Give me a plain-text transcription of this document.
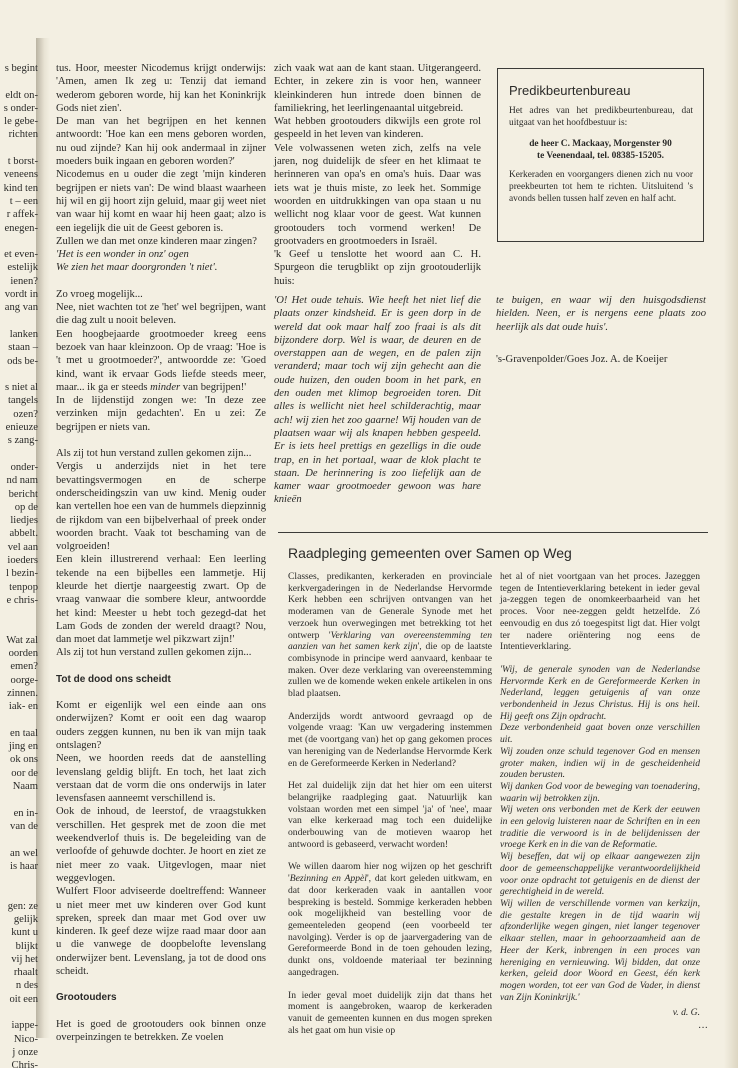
s begint

eldt on-
s onder-
le gebe-
richten

t borst-
veneens
kind ten
t – een
r affek-
enegen-

et even-
estelijk
ienen?
vordt in
ang van

lanken
staan –
ods be-

s niet al
tangels
ozen?
enieuze
s zang-

onder-
nd nam
bericht
op de
liedjes
abbelt.
vel aan
ioeders
l bezin-
tenpop
e chris-

Wat zal
oorden
emen?
oorge-
zinnen.
iak- en

en taal
jing en
ok ons
oor de
Naam

en in-
van de

an wel
is haar

gen: ze
gelijk
kunt u
blijkt
vij het
rhaalt
n des
oit een

iappe-
Nico-
j onze
Chris-

tus. Hoor, meester Nicodemus krijgt onderwijs: 'Amen, amen Ik zeg u: Tenzij dat iemand wederom geboren worde, hij kan het Koninkrijk Gods niet zien'.

De man van het begrijpen en het kennen antwoordt: 'Hoe kan een mens geboren worden, nu oud zijnde? Kan hij ook andermaal in zijner moeders buik ingaan en geboren worden?'

Nicodemus en u ouder die zegt 'mijn kinderen begrijpen er niets van': De wind blaast waarheen hij wil en gij hoort zijn geluid, maar gij weet niet van waar hij komt en waar hij heen gaat; alzo is een iegelijk die uit de Geest geboren is.

Zullen we dan met onze kinderen maar zingen?

'Het is een wonder in onz' ogen

We zien het maar doorgronden 't niet'.

Zo vroeg mogelijk...

Nee, niet wachten tot ze 'het' wel begrijpen, want die dag zult u nooit beleven.

Een hoogbejaarde grootmoeder kreeg eens bezoek van haar kleinzoon. Op de vraag: 'Hoe is 't met u grootmoeder?', antwoordde ze: 'Goed kind, want ik ervaar Gods liefde steeds meer, maar... ik ga er steeds minder van begrijpen!'

In de lijdenstijd zongen we: 'In deze zee verzinken mijn gedachten'. En u zei: Ze begrijpen er niets van.

Als zij tot hun verstand zullen gekomen zijn...

Vergis u anderzijds niet in het tere bevattingsvermogen en de scherpe onderscheidingszin van uw kind. Menig ouder kan vertellen hoe een van de hummels diepzinnig de rijkdom van een bijbelverhaal of preek onder woorden bracht. Vaak tot beschaming van de volgroeiden!

Een klein illustrerend verhaal: Een leerling tekende na een bijbelles een lammetje. Hij kleurde het diertje naargeestig zwart. Op de vraag vanwaar die sombere kleur, antwoordde het kind: Meester u hebt toch gezegd-dat het Lam Gods de zonden der wereld draagt? Nou, dan moet dat lammetje wel pikzwart zijn!'

Als zij tot hun verstand zullen gekomen zijn...

Tot de dood ons scheidt

Komt er eigenlijk wel een einde aan ons onderwijzen? Komt er ooit een dag waarop ouders zeggen kunnen, nu ben ik van mijn taak ontslagen?

Neen, we hoorden reeds dat de aanstelling levenslang geldig blijft. En toch, het laat zich verstaan dat de vorm die ons onderwijs in later levensfasen aanneemt verschillend is.

Ook de inhoud, de leerstof, de vraagstukken verschillen. Het gesprek met de zoon die met weekendverlof thuis is. De begeleiding van de verloofde of gehuwde dochter. Je hoort en ziet ze niet meer zo vaak. Uitgevlogen, maar niet weggevlogen.

Wulfert Floor adviseerde doeltreffend: Wanneer u niet meer met uw kinderen over God kunt spreken, spreek dan maar met God over uw kinderen. Ik geef deze wijze raad maar door aan u die vanwege de doopbelofte levenslang onderwijzer bent. Levenslang, ja tot de dood ons scheidt.

Grootouders

Het is goed de grootouders ook binnen onze overpeinzingen te betrekken. Ze voelen

zich vaak wat aan de kant staan. Uitgerangeerd. Echter, in zekere zin is voor hen, wanneer kleinkinderen hun intrede doen binnen de familiekring, het leerlingenaantal uitgebreid.

Wat hebben grootouders dikwijls een grote rol gespeeld in het leven van kinderen.

Vele volwassenen weten zich, zelfs na vele jaren, nog duidelijk de sfeer en het klimaat te herinneren van opa's en oma's huis. Daar was iets wat je thuis miste, zo leek het. Sommige woorden en uitdrukkingen van opa staan u nu wellicht nog klaar voor de geest. Wat kunnen grootouders toch vormend werken! De grootvaders en grootmoeders in Israël.

'k Geef u tenslotte het woord aan C. H. Spurgeon die terugblikt op zijn grootouderlijk huis:

'O! Het oude tehuis. Wie heeft het niet lief die plaats onzer kindsheid. Er is geen dorp in de wereld dat ook maar half zoo fraai is als dit bijzondere dorp. Wel is waar, de deuren en de overstappen aan de wegen, en de palen zijn veranderd; maar toch wij zijn gehecht aan die oude huizen, den ouden boom in het park, en den ouden met klimop begroeiden toren. Dit alles is wellicht niet heel schilderachtig, maar ach! wij zien het zoo gaarne! Wij houden van de plaatsen waar wij als knapen hebben gespeeld. Er is iets heel prettigs en gezelligs in die oude trap, en in het portaal, waar de klok placht te staan. De herinnering is zoo liefelijk aan de kamer waar grootmoeder gewoon was hare knieën
te buigen, en waar wij den huisgodsdienst hielden. Neen, er is nergens eene plaats zoo heerlijk als dat oude huis'.
's-Gravenpolder/Goes Joz. A. de Koeijer
Predikbeurtenbureau
Het adres van het predikbeurtenbureau, dat uitgaat van het hoofdbestuur is:
de heer C. Mackaay, Morgenster 90
te Veenendaal, tel. 08385-15205.
Kerkeraden en voorgangers dienen zich nu voor preekbeurten tot hem te richten. Uitsluitend 's avonds bellen tussen half zeven en half acht.
Raadpleging gemeenten over Samen op Weg

Classes, predikanten, kerkeraden en provinciale kerkvergaderingen in de Nederlandse Hervormde Kerk hebben een schrijven ontvangen van het moderamen van de Generale Synode met het verzoek hun overwegingen met betrekking tot het ontwerp 'Verklaring van overeenstemming ten aanzien van het samen kerk zijn', die op de laatste combisynode in principe werd aanvaard, kenbaar te maken. Over deze verklaring van overeenstemming zullen we de komende weken enkele artikelen in ons blad plaatsen.

Anderzijds wordt antwoord gevraagd op de volgende vraag: 'Kan uw vergadering instemmen met (de voortgang van) het op gang gekomen proces van hereniging van de Nederlandse Hervormde Kerk en de Gereformeerde Kerken in Nederland?

Het zal duidelijk zijn dat het hier om een uiterst belangrijke raadpleging gaat. Natuurlijk kan volstaan worden met een simpel 'ja' of 'nee', maar van elke kerkeraad mag toch een duidelijke onderbouwing van de motieven waarop het antwoord is gebaseerd, verwacht worden!

We willen daarom hier nog wijzen op het geschrift 'Bezinning en Appèl', dat kort geleden uitkwam, en dat door kerkeraden vaak in aantallen voor bespreking is besteld. Sommige kerkeraden hebben ook mogelijkheid van bestelling voor de gemeenteleden geopend (een voorbeeld ter navolging). Verder is op de jaarvergadering van de Gereformeerde Bond in de toen gehouden lezing, dunkt ons, voldoende materiaal ter bezinning aangedragen.

In ieder geval moet duidelijk zijn dat thans het moment is aangebroken, waarop de kerkeraden vanuit de gemeenten kunnen en dus mogen spreken als het gaat om hun visie op

het al of niet voortgaan van het proces. Jazeggen tegen de Intentieverklaring betekent in ieder geval ja-zeggen tegen de onomkeerbaarheid van het proces. Voor nee-zeggen geldt hetzelfde. Zó eenvoudig en dus zó toegespitst ligt dat. Hier volgt ter nadere oriëntering nog eens de Intentieverklaring.

'Wij, de generale synoden van de Nederlandse Hervormde Kerk en de Gereformeerde Kerken in Nederland, leggen getuigenis af van onze verbondenheid in Jezus Christus. Hij is ons heil. Hij geeft ons Zijn opdracht.

Deze verbondenheid gaat boven onze verschillen uit.

Wij zouden onze schuld tegenover God en mensen groter maken, indien wij in de gescheidenheid zouden berusten.

Wij danken God voor de beweging van toenadering, waarin wij betrokken zijn.

Wij weten ons verbonden met de Kerk der eeuwen in een gelovig luisteren naar de Schriften en in een traditie die verwoord is in de belijdenissen der vroege Kerk en in die van de Reformatie.

Wij beseffen, dat wij op elkaar aangewezen zijn door de gemeenschappelijke verantwoordelijkheid voor onze opdracht tot getuigenis en de dienst der gerechtigheid in de wereld.

Wij willen de verschillende vormen van kerkzijn, die gestalte kregen in de tijd waarin wij afzonderlijke wegen gingen, niet langer tegenover elkaar stellen, maar in gehoorzaamheid aan de Heer der Kerk, inbrengen in een proces van hereniging en vernieuwing. Wij bidden, dat onze kerken, geleid door Woord en Geest, één kerk mogen worden, tot eer van God de Vader, in dienst van Zijn Koninkrijk.'

v. d. G.
···
